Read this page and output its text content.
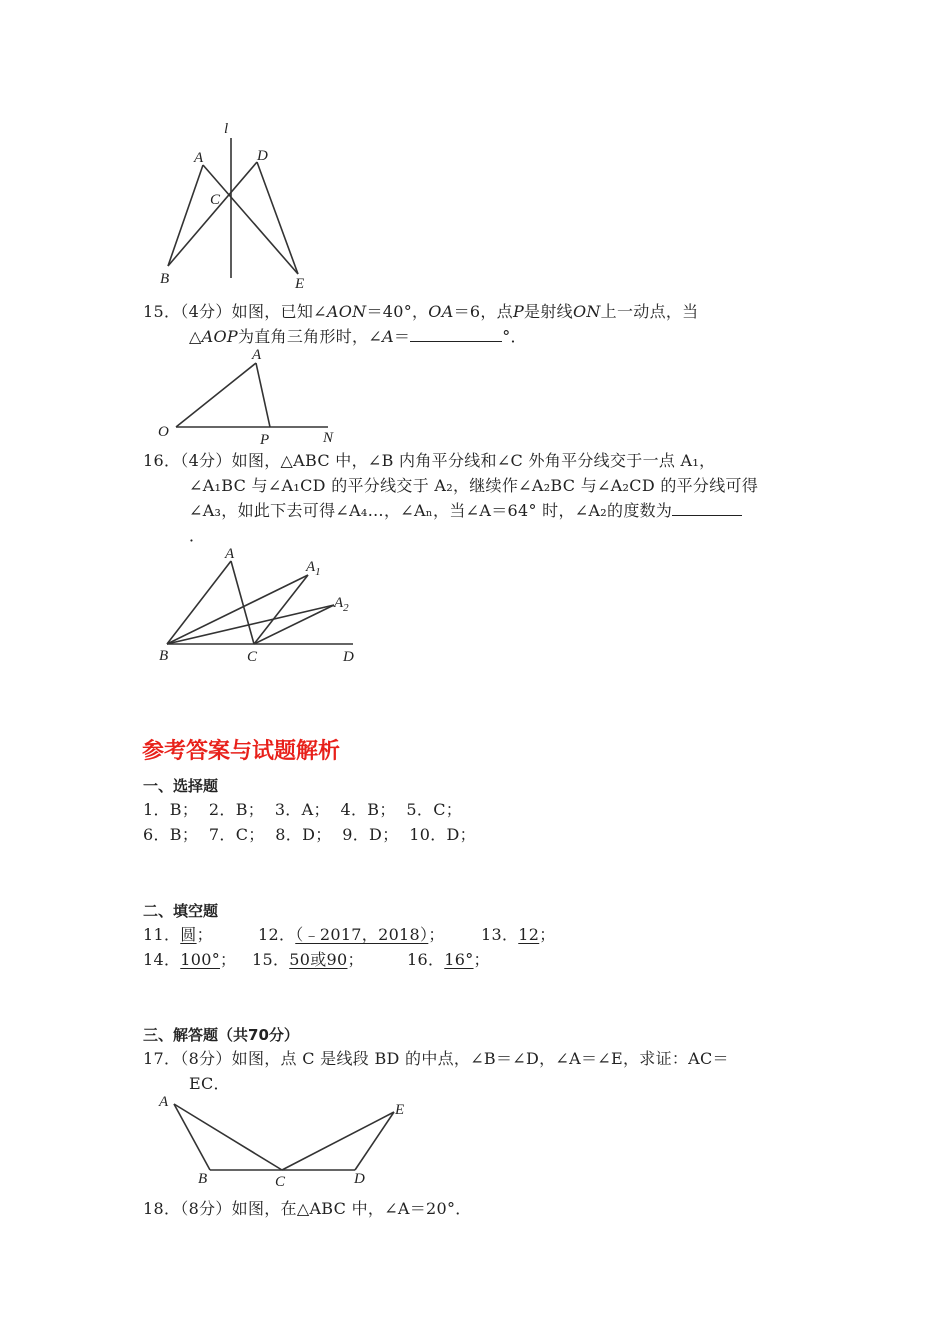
l
A	D
C
B	E
15．（4分）如图，已知∠AON＝40°，OA＝6，点P是射线ON上一动点，当
△AOP为直角三角形时，∠A＝	°．
A
O	P	N
16．（4分）如图，△ABC 中，∠B 内角平分线和∠C 外角平分线交于一点 A₁，
∠A₁BC 与∠A₁CD 的平分线交于 A₂，继续作∠A₂BC 与∠A₂CD 的平分线可得
∠A₃，如此下去可得∠A₄…，∠Aₙ，当∠A＝64° 时，∠A₂的度数为
．
A
$A_1$
$A_2$
B	C	D
参考答案与试题解析
一、选择题
1．B；  2．B；  3．A；  4．B；  5．C；
6．B；  7．C；  8．D；  9．D；  10．D；
二、填空题
11．圆；	12．（﹣2017，2018）； 13．12；
14．100°； 15．50或90；	16．16°；
三、解答题（共70分）
17．（8分）如图，点 C 是线段 BD 的中点，∠B＝∠D，∠A＝∠E，求证：AC＝
EC．
A	E
B	C	D
18．（8分）如图，在△ABC 中，∠A＝20°．
